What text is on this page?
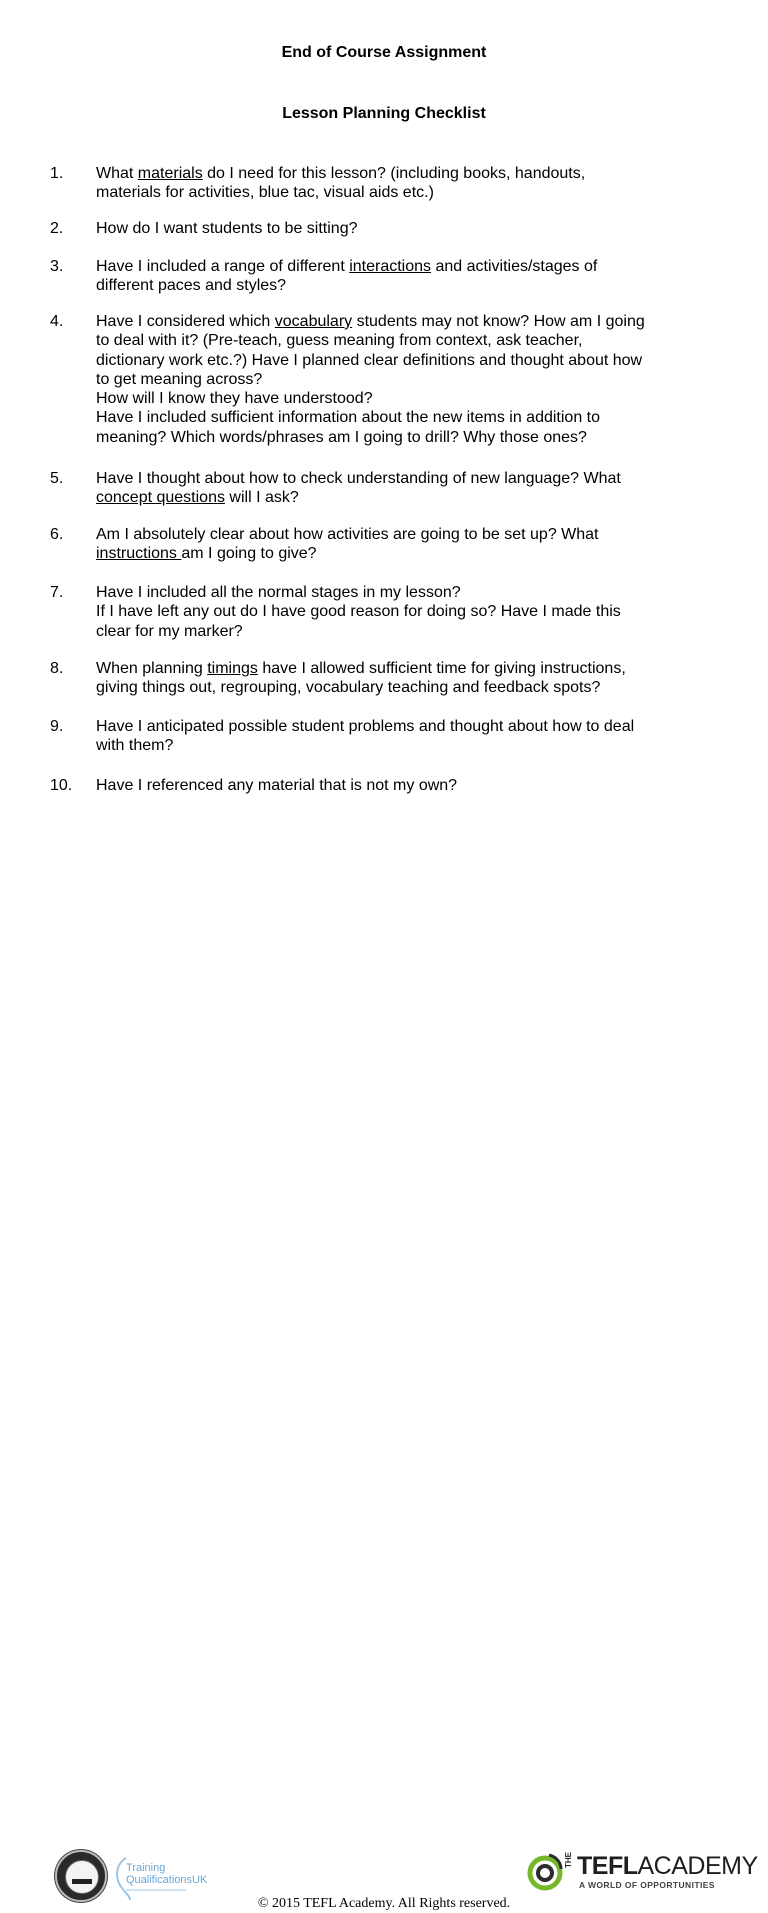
End of Course Assignment
Lesson Planning Checklist
1.	What materials do I need for this lesson? (including books, handouts,
materials for activities, blue tac, visual aids etc.)
2.	How do I want students to be sitting?
3.	Have I included a range of different interactions and activities/stages of
different paces and styles?
4.	Have I considered which vocabulary students may not know? How am I going
to deal with it? (Pre-teach, guess meaning from context, ask teacher,
dictionary work etc.?) Have I planned clear definitions and thought about how
to get meaning across?
How will I know they have understood?
Have I included sufficient information about the new items in addition to
meaning? Which words/phrases am I going to drill? Why those ones?
5.	Have I thought about how to check understanding of new language? What
concept questions will I ask?
6.	Am I absolutely clear about how activities are going to be set up? What
instructions am I going to give?
7.	Have I included all the normal stages in my lesson?
If I have left any out do I have good reason for doing so? Have I made this
clear for my marker?
8.	When planning timings have I allowed sufficient time for giving instructions,
giving things out, regrouping, vocabulary teaching and feedback spots?
9.	Have I anticipated possible student problems and thought about how to deal
with them?
10.	Have I referenced any material that is not my own?
Training
QualificationsUK
THE TEFLACADEMY
A WORLD OF OPPORTUNITIES
© 2015 TEFL Academy. All Rights reserved.
